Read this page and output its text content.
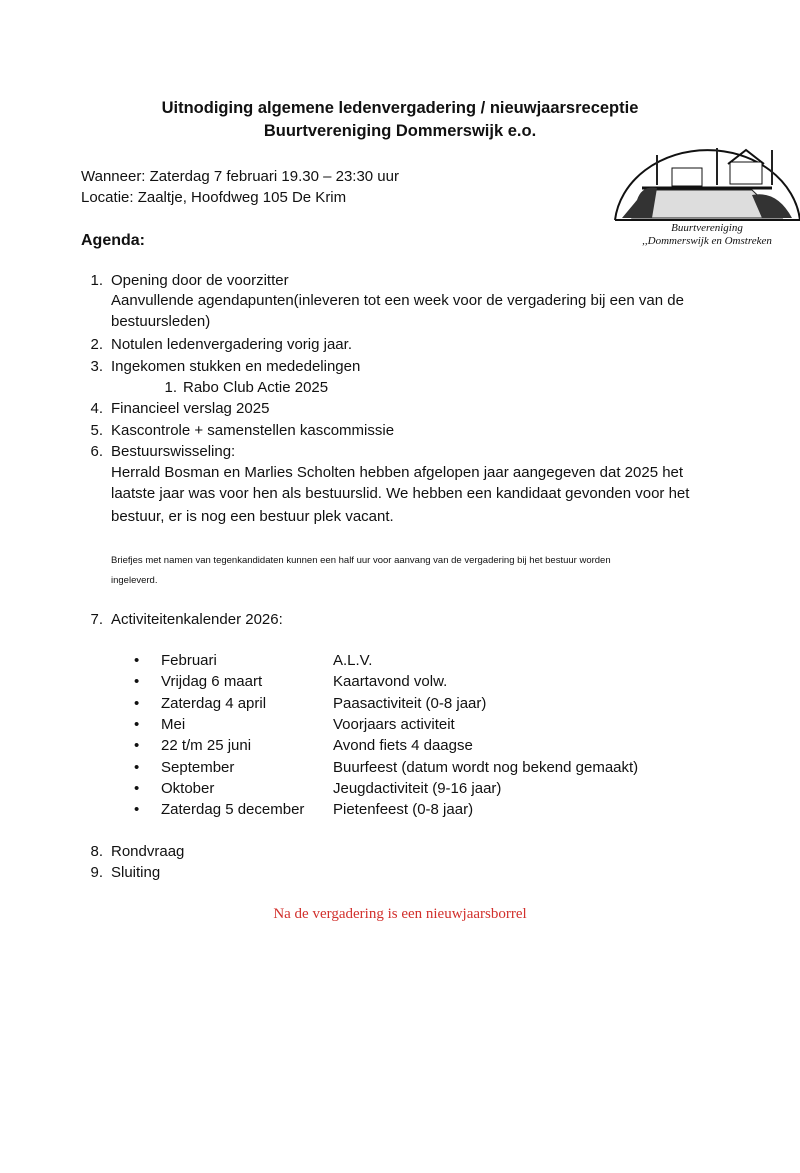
Uitnodiging algemene ledenvergadering / nieuwjaarsreceptie
Buurtvereniging Dommerswijk e.o.
Wanneer: Zaterdag 7 februari 19.30 – 23:30 uur
Locatie: Zaaltje, Hoofdweg 105 De Krim
Agenda:
Buurtvereniging
,,Dommerswijk en Omstreken
1. Opening door de voorzitter
Aanvullende agendapunten(inleveren tot een week voor de vergadering bij een van de
bestuursleden)
2. Notulen ledenvergadering vorig jaar.
3. Ingekomen stukken en mededelingen
1. Rabo Club Actie 2025
4. Financieel verslag 2025
5. Kascontrole + samenstellen kascommissie
6. Bestuurswisseling:
Herrald Bosman en Marlies Scholten hebben afgelopen jaar aangegeven dat 2025 het
laatste jaar was voor hen als bestuurslid. We hebben een kandidaat gevonden voor het
bestuur, er is nog een bestuur plek vacant.
Briefjes met namen van tegenkandidaten kunnen een half uur voor aanvang van de vergadering bij het bestuur worden
ingeleverd.
7. Activiteitenkalender 2026:
• Februari	A.L.V.
• Vrijdag 6 maart	Kaartavond volw.
• Zaterdag 4 april	Paasactiviteit (0-8 jaar)
• Mei	Voorjaars activiteit
• 22 t/m 25 juni	Avond fiets 4 daagse
• September	Buurfeest (datum wordt nog bekend gemaakt)
• Oktober	Jeugdactiviteit (9-16 jaar)
• Zaterdag 5 december Pietenfeest (0-8 jaar)
8. Rondvraag
9. Sluiting
Na de vergadering is een nieuwjaarsborrel
